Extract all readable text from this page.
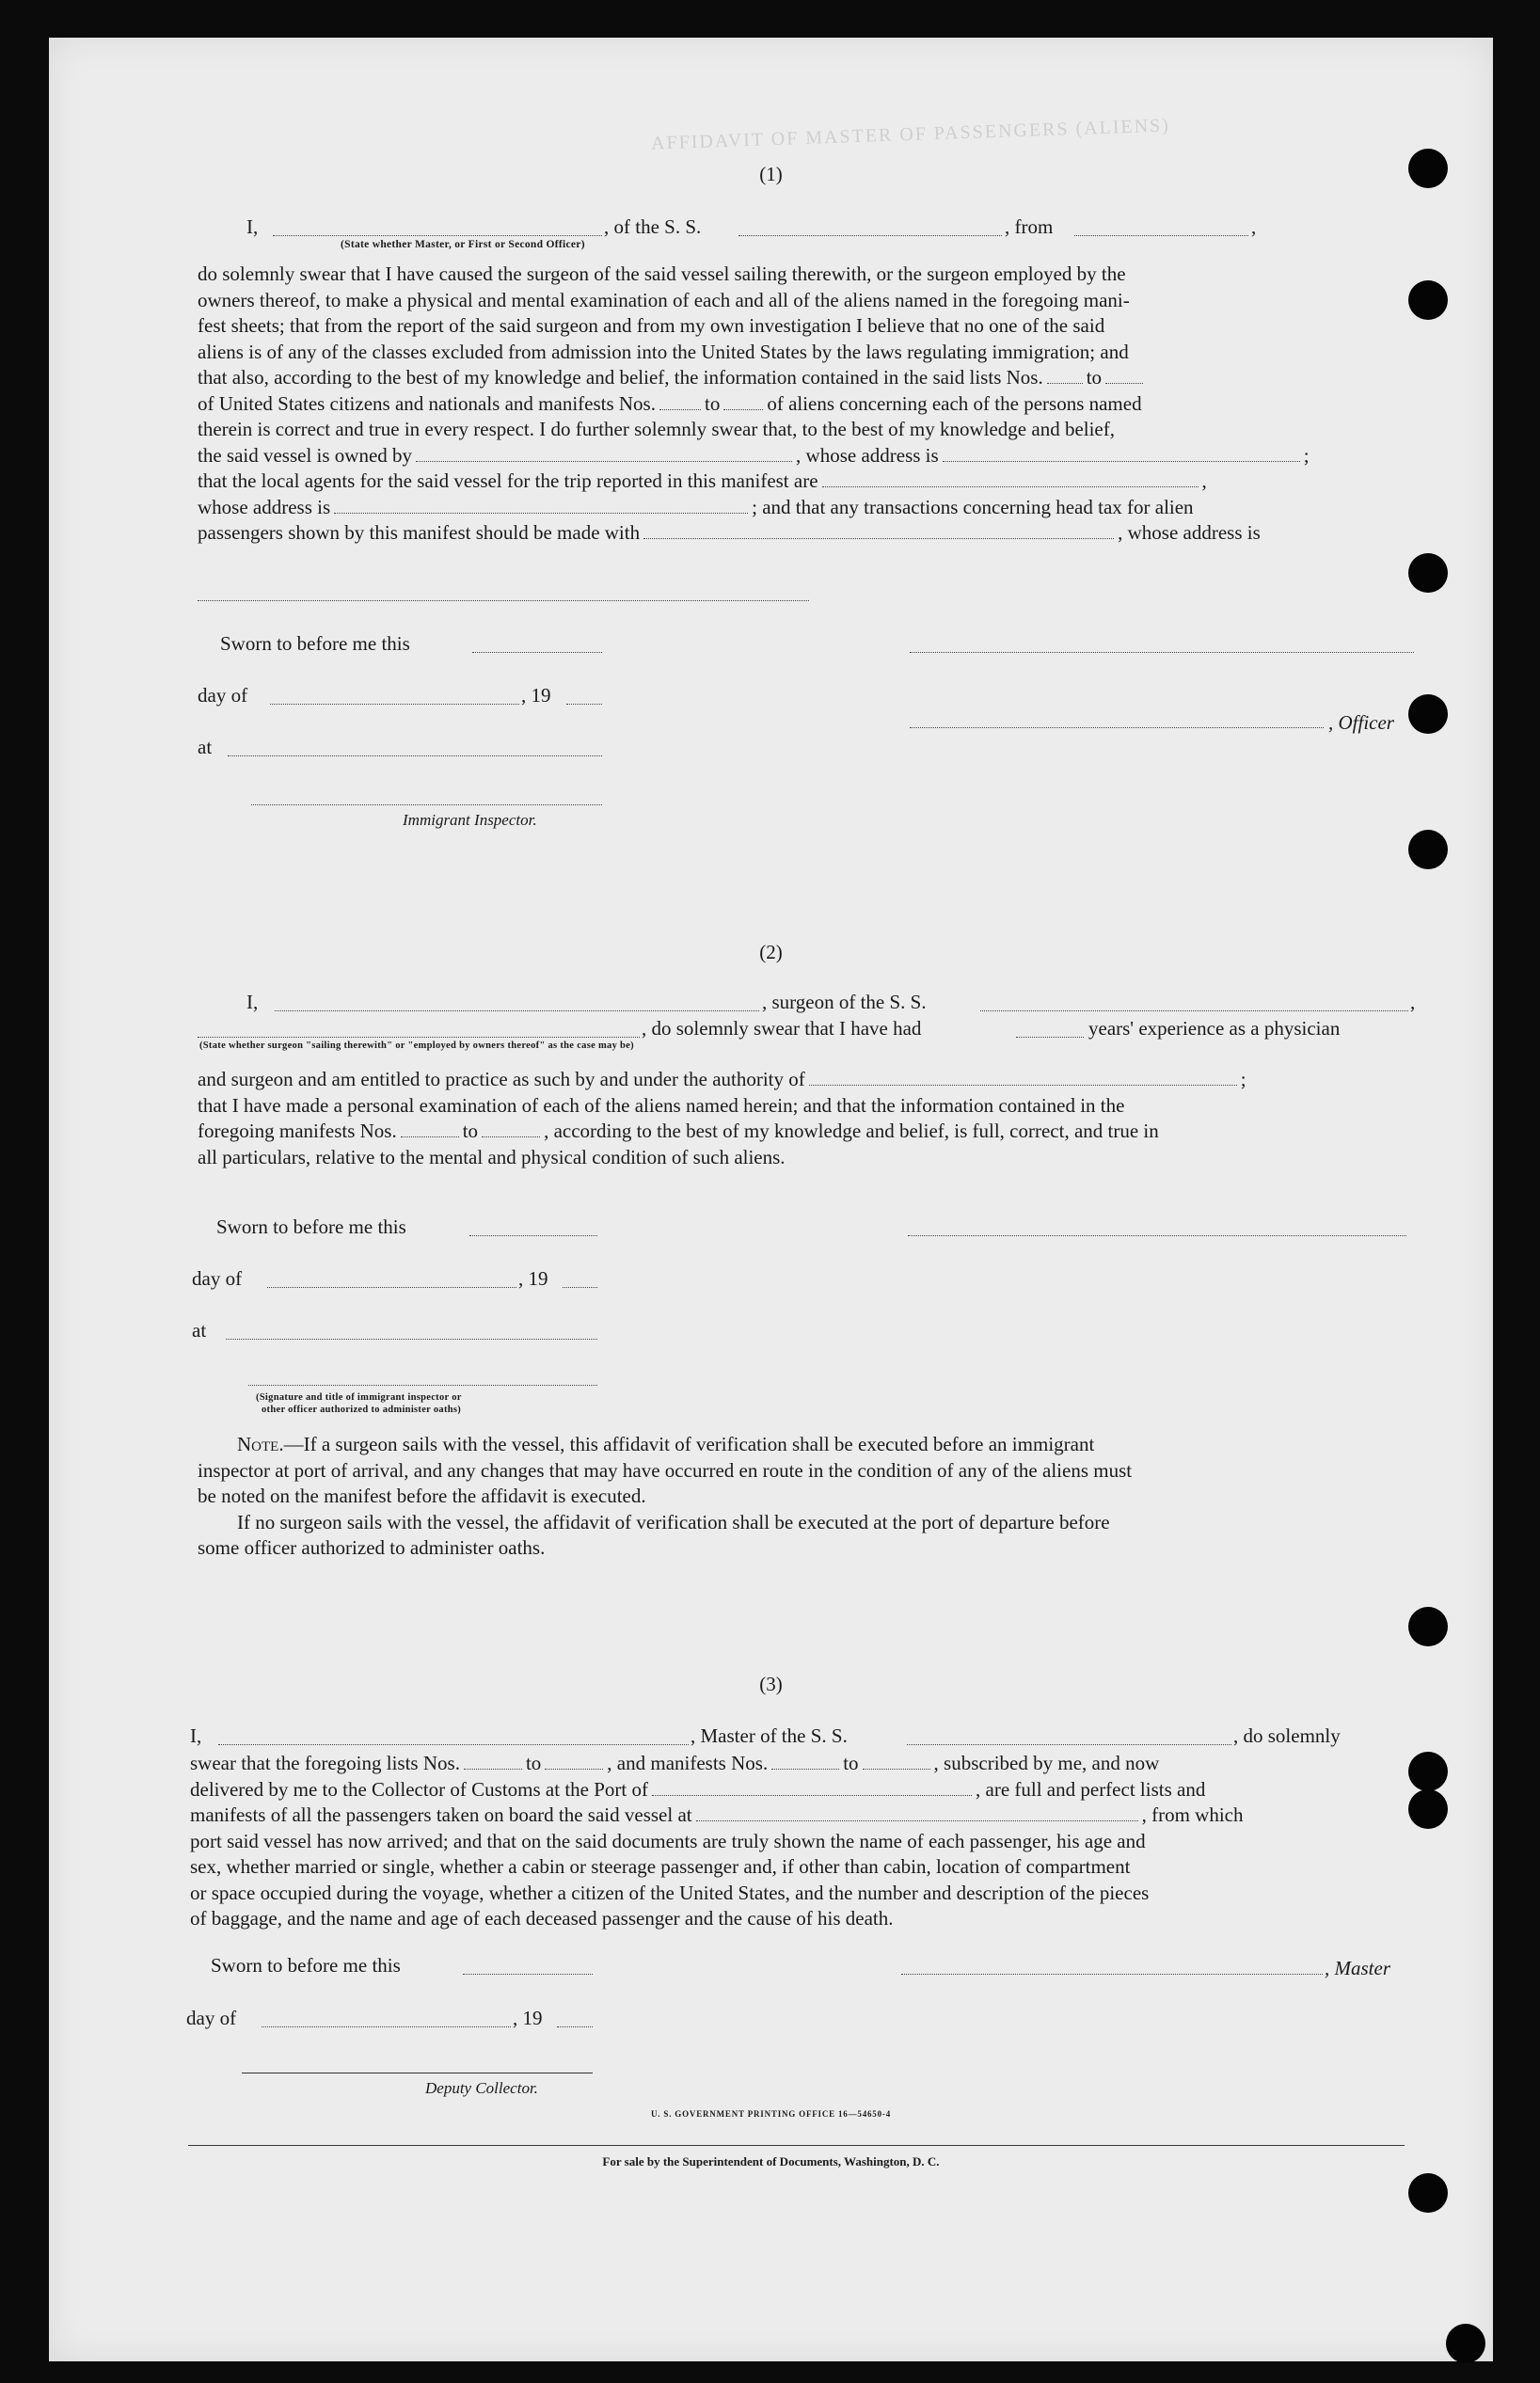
AFFIDAVIT OF MASTER OF PASSENGERS (ALIENS)
(1)
I,	, of the S. S.	, from	,
(State whether Master, or First or Second Officer)
do solemnly swear that I have caused the surgeon of the said vessel sailing therewith, or the surgeon employed by the
owners thereof, to make a physical and mental examination of each and all of the aliens named in the foregoing mani-
fest sheets; that from the report of the said surgeon and from my own investigation I believe that no one of the said
aliens is of any of the classes excluded from admission into the United States by the laws regulating immigration; and
that also, according to the best of my knowledge and belief, the information contained in the said lists Nos. to
of United States citizens and nationals and manifests Nos. to of aliens concerning each of the persons named
therein is correct and true in every respect. I do further solemnly swear that, to the best of my knowledge and belief,
the said vessel is owned by	, whose address is	;
that the local agents for the said vessel for the trip reported in this manifest are	,
whose address is	; and that any transactions concerning head tax for alien
passengers shown by this manifest should be made with	, whose address is
Sworn to before me this
day of	, 19
, Officer
at
Immigrant Inspector.
(2)
I,	, surgeon of the S. S.	,
, do solemnly swear that I have had	years' experience as a physician
(State whether surgeon "sailing therewith" or "employed by owners thereof" as the case may be)
and surgeon and am entitled to practice as such by and under the authority of	;
that I have made a personal examination of each of the aliens named herein; and that the information contained in the
foregoing manifests Nos.	to	, according to the best of my knowledge and belief, is full, correct, and true in
all particulars, relative to the mental and physical condition of such aliens.
Sworn to before me this
day of	, 19
at
(Signature and title of immigrant inspector or
other officer authorized to administer oaths)
Note.—If a surgeon sails with the vessel, this affidavit of verification shall be executed before an immigrant
inspector at port of arrival, and any changes that may have occurred en route in the condition of any of the aliens must
be noted on the manifest before the affidavit is executed.
If no surgeon sails with the vessel, the affidavit of verification shall be executed at the port of departure before
some officer authorized to administer oaths.
(3)
I,	, Master of the S. S.	, do solemnly
swear that the foregoing lists Nos.	to	, and manifests Nos.	to	, subscribed by me, and now
delivered by me to the Collector of Customs at the Port of	, are full and perfect lists and
manifests of all the passengers taken on board the said vessel at	, from which
port said vessel has now arrived; and that on the said documents are truly shown the name of each passenger, his age and
sex, whether married or single, whether a cabin or steerage passenger and, if other than cabin, location of compartment
or space occupied during the voyage, whether a citizen of the United States, and the number and description of the pieces
of baggage, and the name and age of each deceased passenger and the cause of his death.
Sworn to before me this	, Master
day of	, 19
Deputy Collector.
U. S. GOVERNMENT PRINTING OFFICE 16—54650-4
For sale by the Superintendent of Documents, Washington, D. C.
